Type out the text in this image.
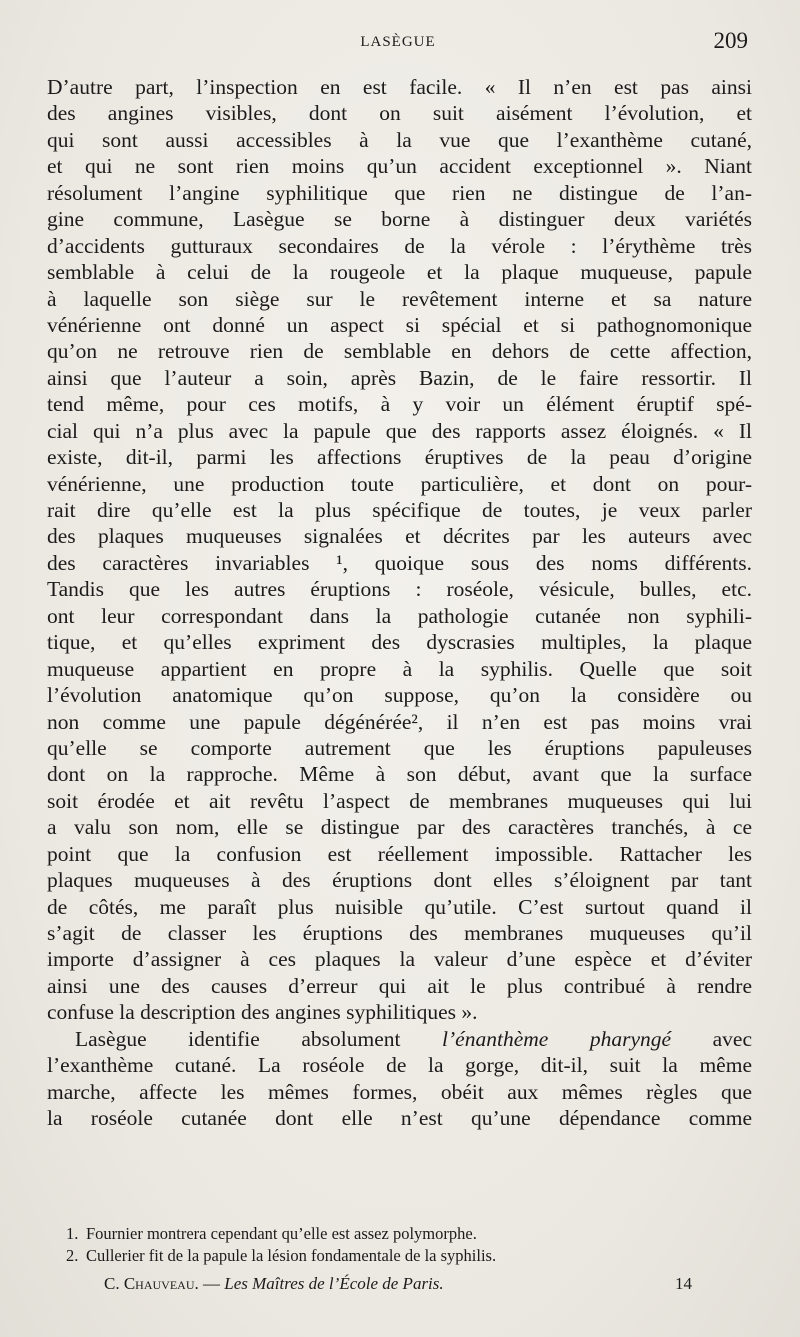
LASÈGUE	209
D’autre part, l’inspection en est facile. « Il n’en est pas ainsi
des angines visibles, dont on suit aisément l’évolution, et
qui sont aussi accessibles à la vue que l’exanthème cutané,
et qui ne sont rien moins qu’un accident exceptionnel ». Niant
résolument l’angine syphilitique que rien ne distingue de l’an-
gine commune, Lasègue se borne à distinguer deux variétés
d’accidents gutturaux secondaires de la vérole : l’érythème très
semblable à celui de la rougeole et la plaque muqueuse, papule
à laquelle son siège sur le revêtement interne et sa nature
vénérienne ont donné un aspect si spécial et si pathognomonique
qu’on ne retrouve rien de semblable en dehors de cette affection,
ainsi que l’auteur a soin, après Bazin, de le faire ressortir. Il
tend même, pour ces motifs, à y voir un élément éruptif spé-
cial qui n’a plus avec la papule que des rapports assez éloignés. « Il
existe, dit-il, parmi les affections éruptives de la peau d’origine
vénérienne, une production toute particulière, et dont on pour-
rait dire qu’elle est la plus spécifique de toutes, je veux parler
des plaques muqueuses signalées et décrites par les auteurs avec
des caractères invariables ¹, quoique sous des noms différents.
Tandis que les autres éruptions : roséole, vésicule, bulles, etc.
ont leur correspondant dans la pathologie cutanée non syphili-
tique, et qu’elles expriment des dyscrasies multiples, la plaque
muqueuse appartient en propre à la syphilis. Quelle que soit
l’évolution anatomique qu’on suppose, qu’on la considère ou
non comme une papule dégénérée², il n’en est pas moins vrai
qu’elle se comporte autrement que les éruptions papuleuses
dont on la rapproche. Même à son début, avant que la surface
soit érodée et ait revêtu l’aspect de membranes muqueuses qui lui
a valu son nom, elle se distingue par des caractères tranchés, à ce
point que la confusion est réellement impossible. Rattacher les
plaques muqueuses à des éruptions dont elles s’éloignent par tant
de côtés, me paraît plus nuisible qu’utile. C’est surtout quand il
s’agit de classer les éruptions des membranes muqueuses qu’il
importe d’assigner à ces plaques la valeur d’une espèce et d’éviter
ainsi une des causes d’erreur qui ait le plus contribué à rendre
confuse la description des angines syphilitiques ».
Lasègue identifie absolument l’énanthème pharyngé avec
l’exanthème cutané. La roséole de la gorge, dit-il, suit la même
marche, affecte les mêmes formes, obéit aux mêmes règles que
la roséole cutanée dont elle n’est qu’une dépendance comme
1. Fournier montrera cependant qu’elle est assez polymorphe.
2. Cullerier fit de la papule la lésion fondamentale de la syphilis.
C. Chauveau. — Les Maîtres de l’École de Paris.	14
